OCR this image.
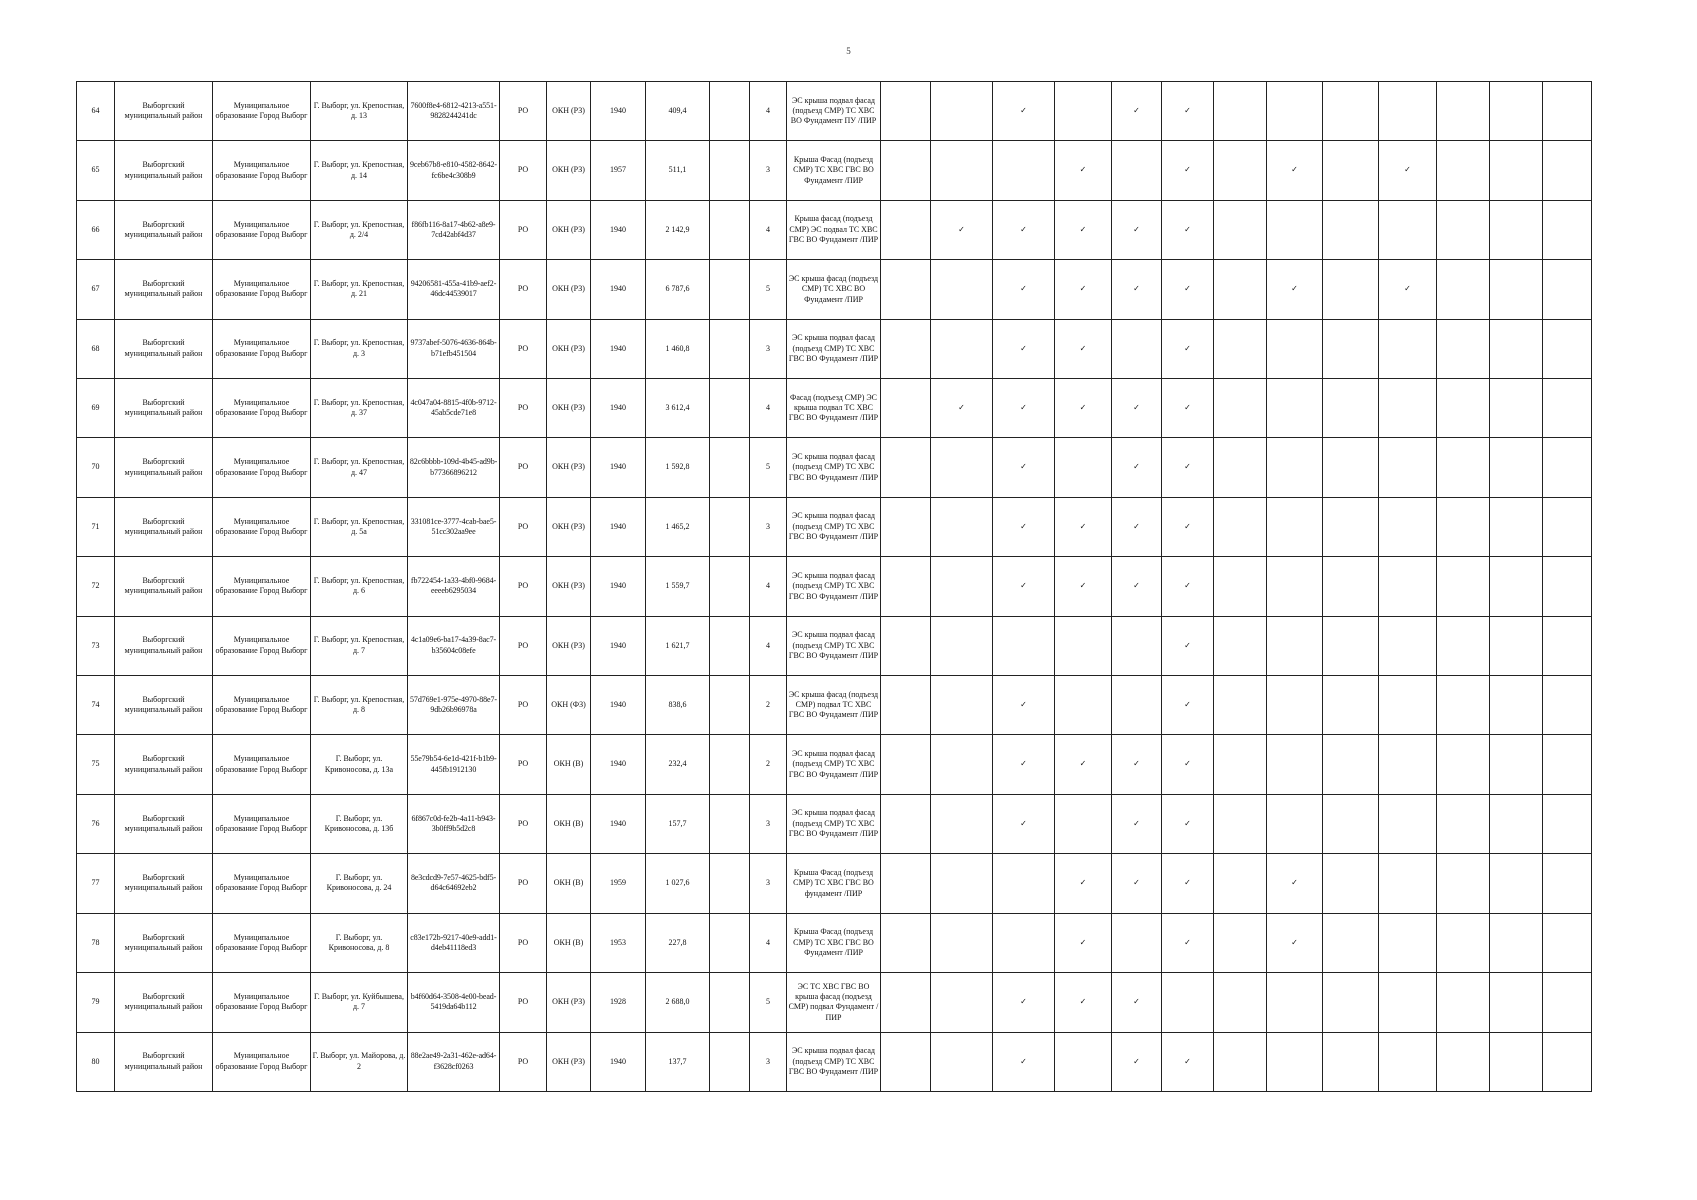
5
64	Выборгский муниципальный район	Муниципальное образование Город Выборг	Г. Выборг, ул. Крепостная, д. 13	7600f8e4-6812-4213-a551-9828244241dc	РО	ОКН (РЗ)	1940	409,4		4	ЭС крыша подвал фасад (подъезд СМР) ТС ХВС ВО Фундамент ПУ /ПИР			✓		✓	✓							
65	Выборгский муниципальный район	Муниципальное образование Город Выборг	Г. Выборг, ул. Крепостная, д. 14	9ceb67b8-e810-4582-8642-fc6be4c308b9	РО	ОКН (РЗ)	1957	511,1		3	Крыша Фасад (подъезд СМР) ТС ХВС ГВС ВО Фундамент /ПИР				✓		✓		✓		✓			
66	Выборгский муниципальный район	Муниципальное образование Город Выборг	Г. Выборг, ул. Крепостная, д. 2/4	f86fb116-8a17-4b62-a8e9-7cd42abf4d37	РО	ОКН (РЗ)	1940	2 142,9		4	Крыша фасад (подъезд СМР) ЭС подвал ТС ХВС ГВС ВО Фундамент /ПИР		✓	✓	✓	✓	✓							
67	Выборгский муниципальный район	Муниципальное образование Город Выборг	Г. Выборг, ул. Крепостная, д. 21	94206581-455a-41b9-aef2-46dc44539017	РО	ОКН (РЗ)	1940	6 787,6		5	ЭС крыша фасад (подъезд СМР) ТС ХВС ВО Фундамент /ПИР			✓	✓	✓	✓		✓		✓			
68	Выборгский муниципальный район	Муниципальное образование Город Выборг	Г. Выборг, ул. Крепостная, д. 3	9737abef-5076-4636-864b-b71efb451504	РО	ОКН (РЗ)	1940	1 460,8		3	ЭС крыша подвал фасад (подъезд СМР) ТС ХВС ГВС ВО Фундамент /ПИР			✓	✓		✓							
69	Выборгский муниципальный район	Муниципальное образование Город Выборг	Г. Выборг, ул. Крепостная, д. 37	4c047a04-8815-4f0b-9712-45ab5cde71e8	РО	ОКН (РЗ)	1940	3 612,4		4	Фасад (подъезд СМР) ЭС крыша подвал ТС ХВС ГВС ВО Фундамент /ПИР		✓	✓	✓	✓	✓							
70	Выборгский муниципальный район	Муниципальное образование Город Выборг	Г. Выборг, ул. Крепостная, д. 47	82c6bbbb-109d-4b45-ad9b-b77366896212	РО	ОКН (РЗ)	1940	1 592,8		5	ЭС крыша подвал фасад (подъезд СМР) ТС ХВС ГВС ВО Фундамент /ПИР			✓		✓	✓							
71	Выборгский муниципальный район	Муниципальное образование Город Выборг	Г. Выборг, ул. Крепостная, д. 5а	331081ce-3777-4cab-bae5-51cc302aa9ee	РО	ОКН (РЗ)	1940	1 465,2		3	ЭС крыша подвал фасад (подъезд СМР) ТС ХВС ГВС ВО Фундамент /ПИР			✓	✓	✓	✓							
72	Выборгский муниципальный район	Муниципальное образование Город Выборг	Г. Выборг, ул. Крепостная, д. 6	fb722454-1a33-4bf0-9684-eeeeb6295034	РО	ОКН (РЗ)	1940	1 559,7		4	ЭС крыша подвал фасад (подъезд СМР) ТС ХВС ГВС ВО Фундамент /ПИР			✓	✓	✓	✓							
73	Выборгский муниципальный район	Муниципальное образование Город Выборг	Г. Выборг, ул. Крепостная, д. 7	4c1a09e6-ba17-4a39-8ac7-b35604c08efe	РО	ОКН (РЗ)	1940	1 621,7		4	ЭС крыша подвал фасад (подъезд СМР) ТС ХВС ГВС ВО Фундамент /ПИР						✓							
74	Выборгский муниципальный район	Муниципальное образование Город Выборг	Г. Выборг, ул. Крепостная, д. 8	57d769e1-975e-4970-88e7-9db26b96978a	РО	ОКН (ФЗ)	1940	838,6		2	ЭС крыша фасад (подъезд СМР) подвал ТС ХВС ГВС ВО Фундамент /ПИР			✓			✓							
75	Выборгский муниципальный район	Муниципальное образование Город Выборг	Г. Выборг, ул. Кривоносова, д. 13а	55e79b54-6e1d-421f-b1b9-445fb1912130	РО	ОКН (В)	1940	232,4		2	ЭС крыша подвал фасад (подъезд СМР) ТС ХВС ГВС ВО Фундамент /ПИР			✓	✓	✓	✓							
76	Выборгский муниципальный район	Муниципальное образование Город Выборг	Г. Выборг, ул. Кривоносова, д. 13б	6f867c0d-fe2b-4a11-b943-3b0ff9b5d2c8	РО	ОКН (В)	1940	157,7		3	ЭС крыша подвал фасад (подъезд СМР) ТС ХВС ГВС ВО Фундамент /ПИР			✓		✓	✓							
77	Выборгский муниципальный район	Муниципальное образование Город Выборг	Г. Выборг, ул. Кривоносова, д. 24	8e3cdcd9-7e57-4625-bdf5-d64c64692eb2	РО	ОКН (В)	1959	1 027,6		3	Крыша Фасад (подъезд СМР) ТС ХВС ГВС ВО фундамент /ПИР				✓	✓	✓		✓					
78	Выборгский муниципальный район	Муниципальное образование Город Выборг	Г. Выборг, ул. Кривоносова, д. 8	c83e172b-9217-40e9-add1-d4eb41118ed3	РО	ОКН (В)	1953	227,8		4	Крыша Фасад (подъезд СМР) ТС ХВС ГВС ВО Фундамент /ПИР				✓		✓		✓					
79	Выборгский муниципальный район	Муниципальное образование Город Выборг	Г. Выборг, ул. Куйбышева, д. 7	b4f60d64-3508-4e00-bead-5419da64b112	РО	ОКН (РЗ)	1928	2 688,0		5	ЭС ТС ХВС ГВС ВО крыша фасад (подъезд СМР) подвал Фундамент /ПИР			✓	✓	✓								
80	Выборгский муниципальный район	Муниципальное образование Город Выборг	Г. Выборг, ул. Майорова, д. 2	88e2ae49-2a31-462e-ad64-f3628cf0263	РО	ОКН (РЗ)	1940	137,7		3	ЭС крыша подвал фасад (подъезд СМР) ТС ХВС ГВС ВО Фундамент /ПИР			✓		✓	✓							
